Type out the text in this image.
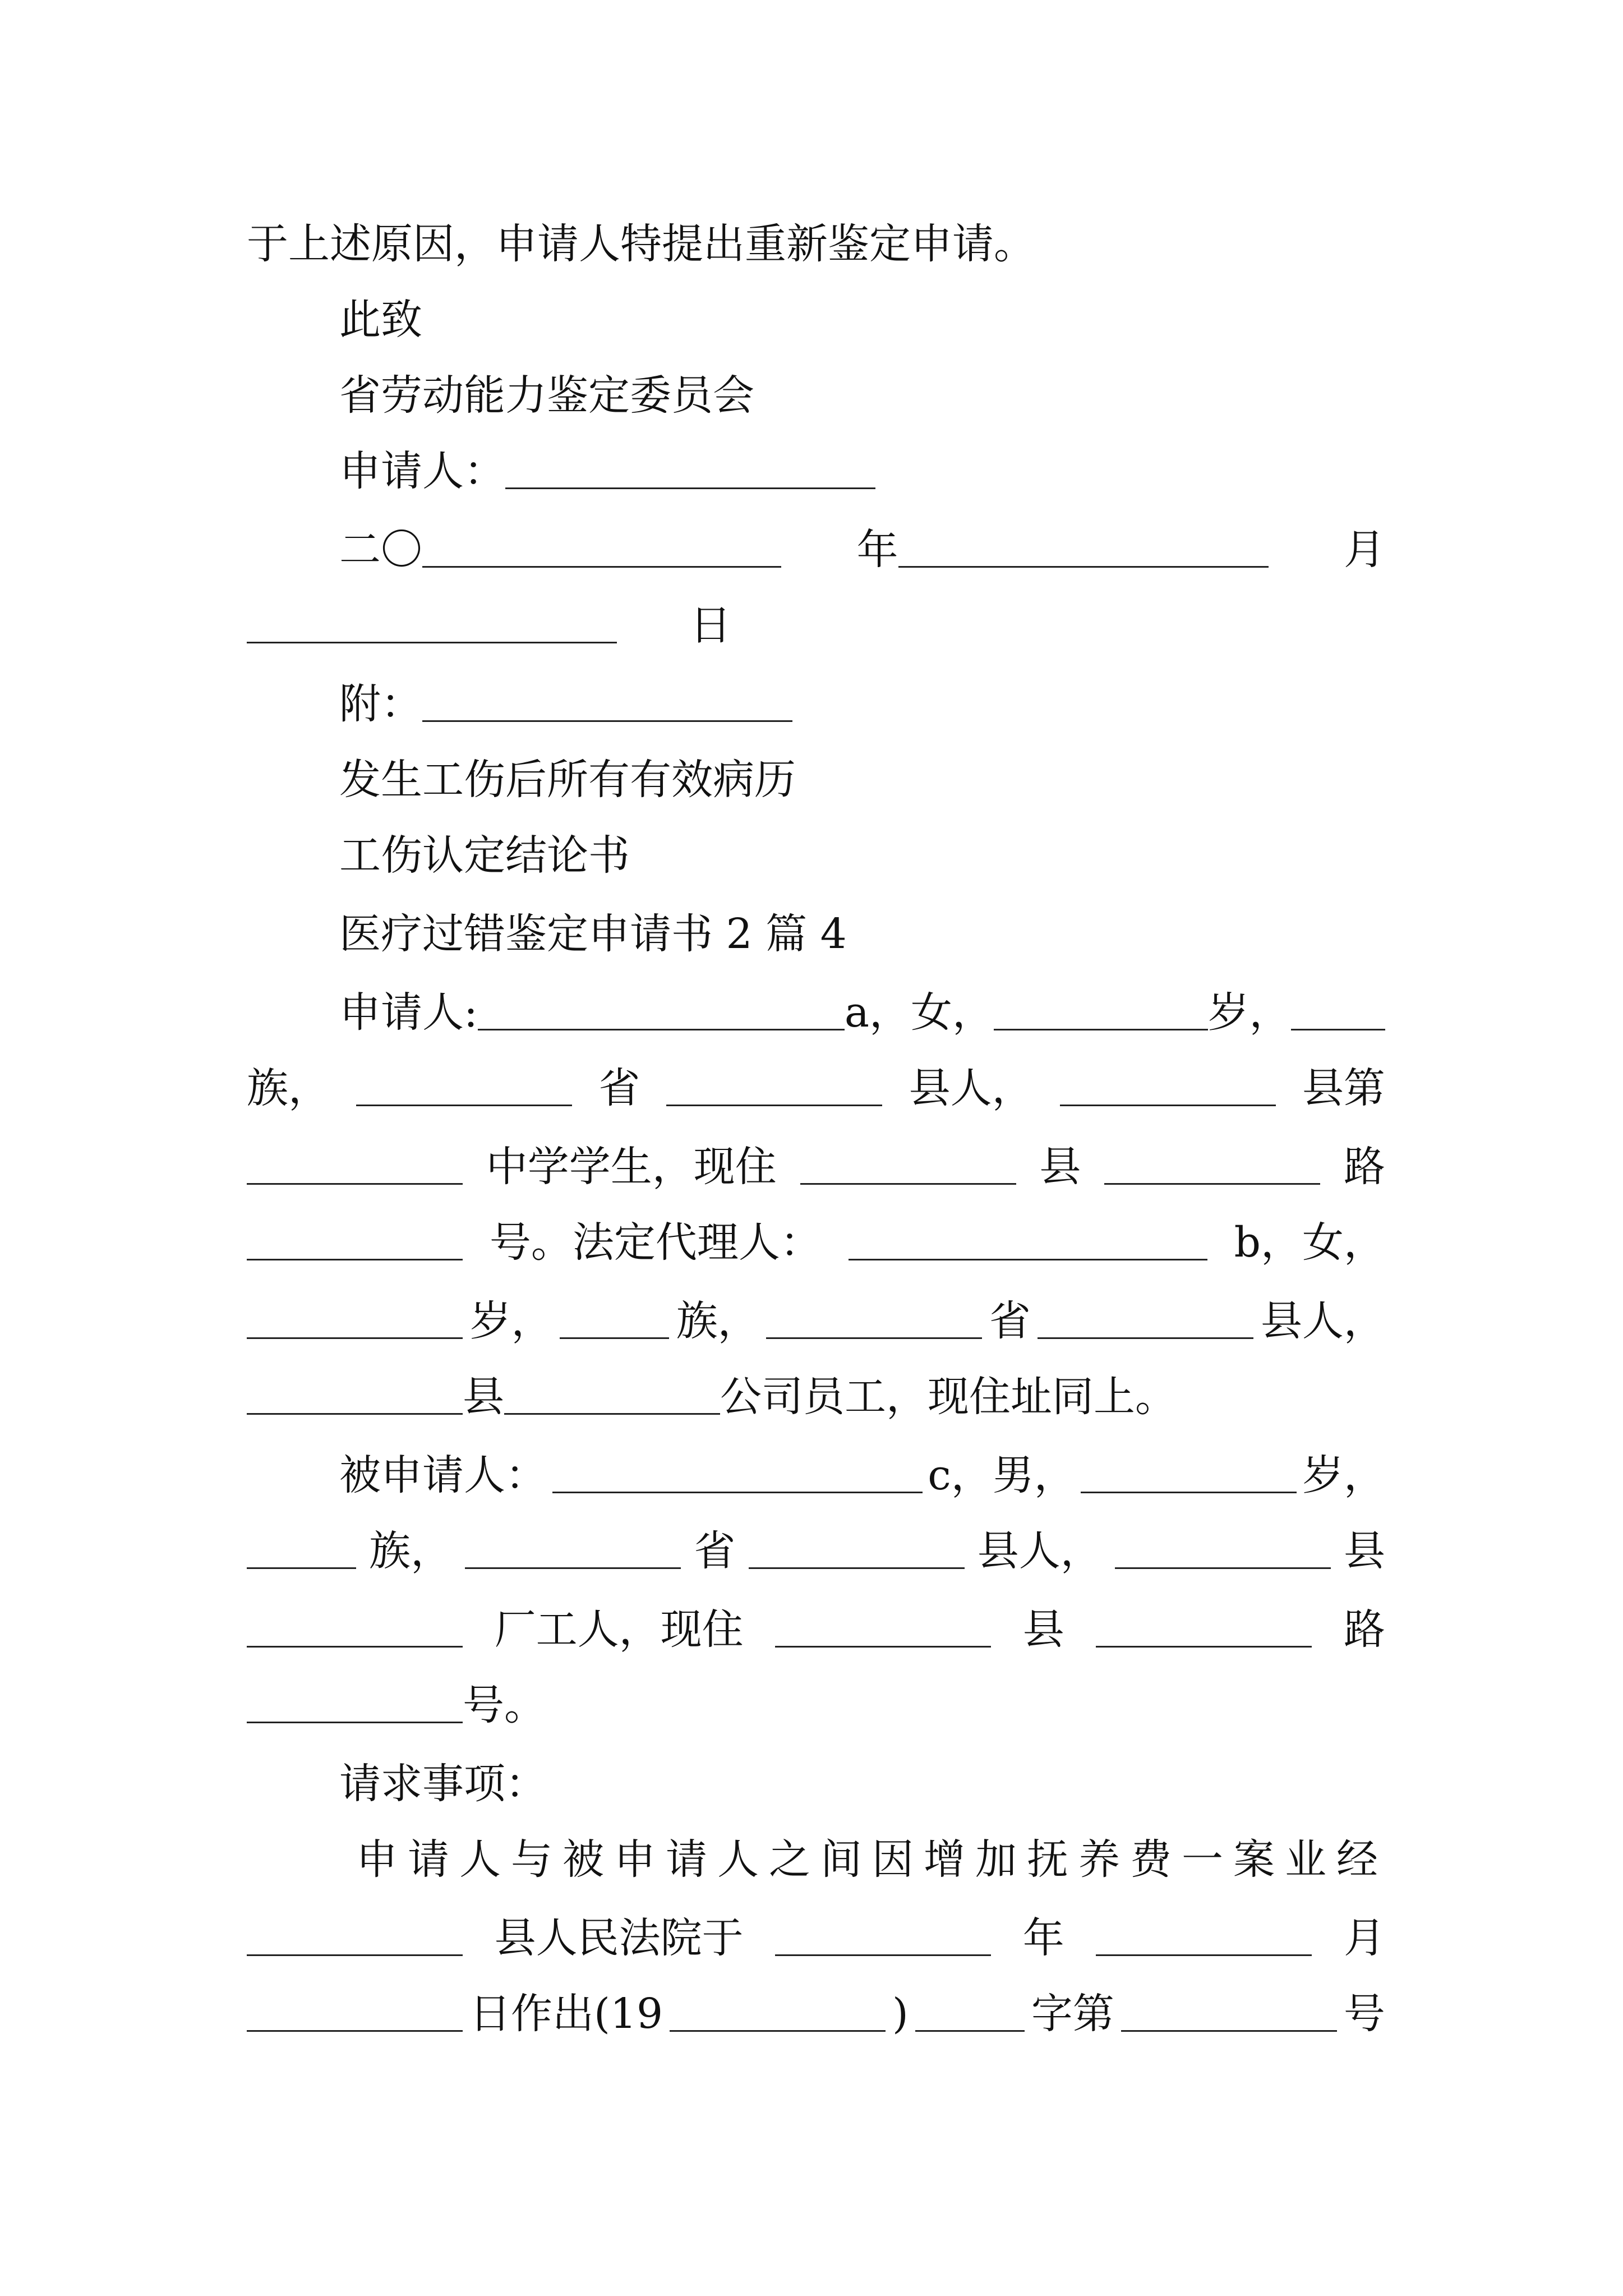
于上述原因，申请人特提出重新鉴定申请。
此致
省劳动能力鉴定委员会
申请人：
二〇	年	月
日
附：
发生工伤后所有有效病历
工伤认定结论书
医疗过错鉴定申请书 2 篇 4
申请人:	a，女，	岁，
族，	省	县人，	县第
中学学生，现住	县	路
号。法定代理人：	b，女，
岁，	族，	省	县人，
县	公司员工，现住址同上。
被申请人：	c，男，	岁，
族，	省	县人，	县
厂工人，现住	县	路
号。
请求事项：
申请人与被申请人之间因增加抚养费一案业经
县人民法院于	年	月
日作出(19	)	字第	号
